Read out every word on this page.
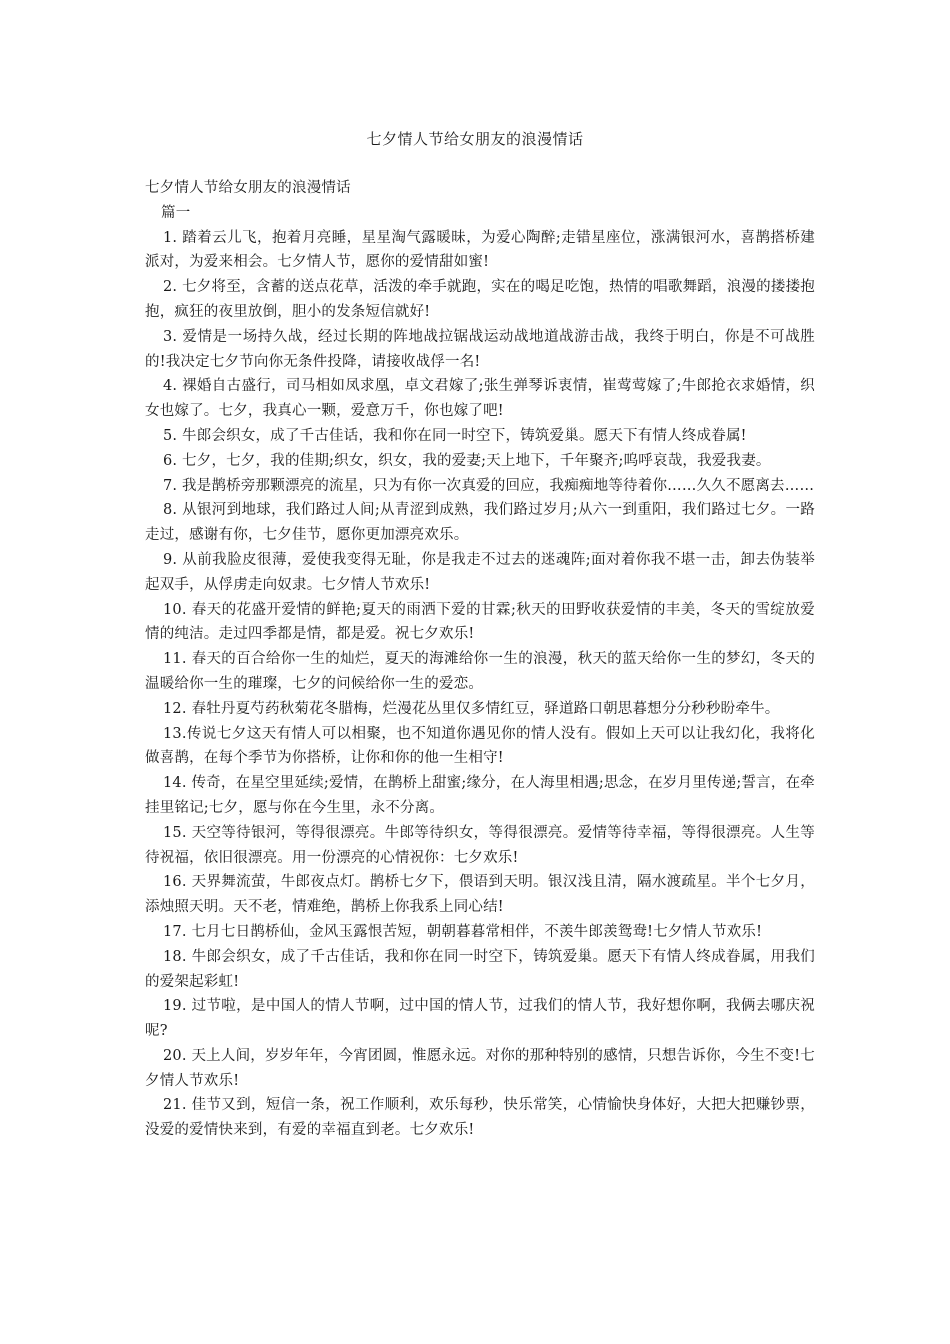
七夕情人节给女朋友的浪漫情话

七夕情人节给女朋友的浪漫情话

篇一

1. 踏着云儿飞，抱着月亮睡，星星淘气露暖昧，为爱心陶醉;走错星座位，涨满银河水，喜鹊搭桥建派对，为爱来相会。七夕情人节，愿你的爱情甜如蜜!

2. 七夕将至，含蓄的送点花草，活泼的牵手就跑，实在的喝足吃饱，热情的唱歌舞蹈，浪漫的搂搂抱抱，疯狂的夜里放倒，胆小的发条短信就好!

3. 爱情是一场持久战，经过长期的阵地战拉锯战运动战地道战游击战，我终于明白，你是不可战胜的!我决定七夕节向你无条件投降，请接收战俘一名!

4. 裸婚自古盛行，司马相如凤求凰，卓文君嫁了;张生弹琴诉衷情，崔莺莺嫁了;牛郎抢衣求婚情，织女也嫁了。七夕，我真心一颗，爱意万千，你也嫁了吧!

5. 牛郎会织女，成了千古佳话，我和你在同一时空下，铸筑爱巢。愿天下有情人终成眷属!

6. 七夕，七夕，我的佳期;织女，织女，我的爱妻;天上地下，千年聚齐;呜呼哀哉，我爱我妻。

7. 我是鹊桥旁那颗漂亮的流星，只为有你一次真爱的回应，我痴痴地等待着你……久久不愿离去……

8. 从银河到地球，我们路过人间;从青涩到成熟，我们路过岁月;从六一到重阳，我们路过七夕。一路走过，感谢有你，七夕佳节，愿你更加漂亮欢乐。

9. 从前我脸皮很薄，爱使我变得无耻，你是我走不过去的迷魂阵;面对着你我不堪一击，卸去伪装举起双手，从俘虏走向奴隶。七夕情人节欢乐!

10. 春天的花盛开爱情的鲜艳;夏天的雨洒下爱的甘霖;秋天的田野收获爱情的丰美，冬天的雪绽放爱情的纯洁。走过四季都是情，都是爱。祝七夕欢乐!

11. 春天的百合给你一生的灿烂，夏天的海滩给你一生的浪漫，秋天的蓝天给你一生的梦幻，冬天的温暖给你一生的璀璨，七夕的问候给你一生的爱恋。

12. 春牡丹夏芍药秋菊花冬腊梅，烂漫花丛里仅多情红豆，驿道路口朝思暮想分分秒秒盼牵牛。

13.传说七夕这天有情人可以相聚，也不知道你遇见你的情人没有。假如上天可以让我幻化，我将化做喜鹊，在每个季节为你搭桥，让你和你的他一生相守!

14. 传奇，在星空里延续;爱情，在鹊桥上甜蜜;缘分，在人海里相遇;思念，在岁月里传递;誓言，在牵挂里铭记;七夕，愿与你在今生里，永不分离。

15. 天空等待银河，等得很漂亮。牛郎等待织女，等得很漂亮。爱情等待幸福，等得很漂亮。人生等待祝福，依旧很漂亮。用一份漂亮的心情祝你：七夕欢乐!

16. 天界舞流萤，牛郎夜点灯。鹊桥七夕下，偎语到天明。银汉浅且清，隔水渡疏星。半个七夕月，添烛照天明。天不老，情难绝，鹊桥上你我系上同心结!

17. 七月七日鹊桥仙，金风玉露恨苦短，朝朝暮暮常相伴，不羡牛郎羡鸳鸯!七夕情人节欢乐!

18. 牛郎会织女，成了千古佳话，我和你在同一时空下，铸筑爱巢。愿天下有情人终成眷属，用我们的爱架起彩虹!

19. 过节啦，是中国人的情人节啊，过中国的情人节，过我们的情人节，我好想你啊，我俩去哪庆祝呢?

20. 天上人间，岁岁年年，今宵团圆，惟愿永远。对你的那种特别的感情，只想告诉你，今生不变!七夕情人节欢乐!

21. 佳节又到，短信一条，祝工作顺利，欢乐每秒，快乐常笑，心情愉快身体好，大把大把赚钞票，没爱的爱情快来到，有爱的幸福直到老。七夕欢乐!
